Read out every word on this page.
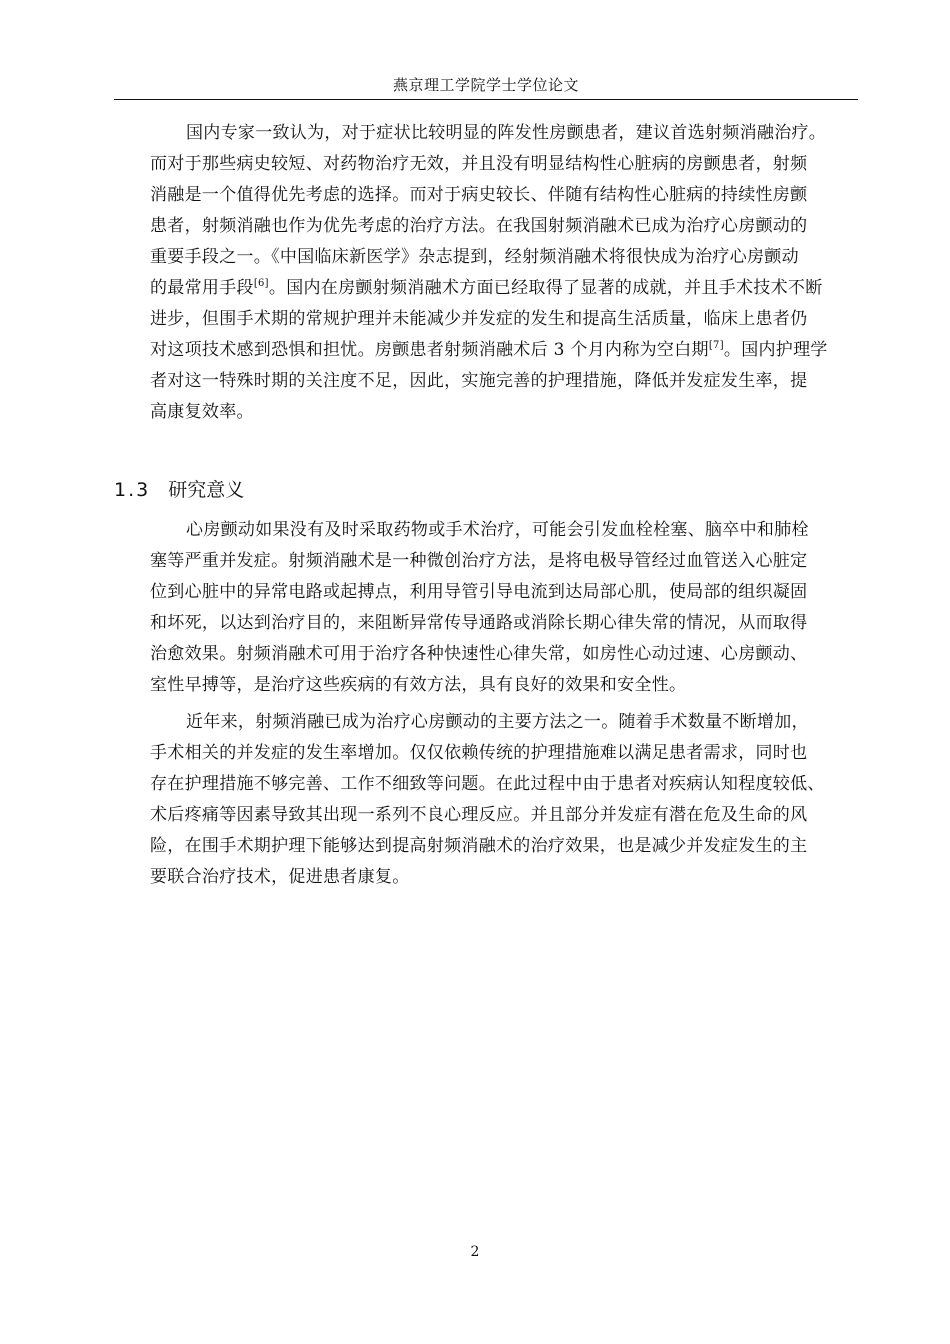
燕京理工学院学士学位论文
国内专家一致认为，对于症状比较明显的阵发性房颤患者，建议首选射频消融治疗。
而对于那些病史较短、对药物治疗无效，并且没有明显结构性心脏病的房颤患者，射频
消融是一个值得优先考虑的选择。而对于病史较长、伴随有结构性心脏病的持续性房颤
患者，射频消融也作为优先考虑的治疗方法。在我国射频消融术已成为治疗心房颤动的
重要手段之一。《中国临床新医学》杂志提到，经射频消融术将很快成为治疗心房颤动
的最常用手段[6]。国内在房颤射频消融术方面已经取得了显著的成就，并且手术技术不断
进步，但围手术期的常规护理并未能减少并发症的发生和提高生活质量，临床上患者仍
对这项技术感到恐惧和担忧。房颤患者射频消融术后 3 个月内称为空白期[7]。国内护理学
者对这一特殊时期的关注度不足，因此，实施完善的护理措施，降低并发症发生率，提
高康复效率。
1.3 研究意义
心房颤动如果没有及时采取药物或手术治疗，可能会引发血栓栓塞、脑卒中和肺栓
塞等严重并发症。射频消融术是一种微创治疗方法，是将电极导管经过血管送入心脏定
位到心脏中的异常电路或起搏点，利用导管引导电流到达局部心肌，使局部的组织凝固
和坏死，以达到治疗目的，来阻断异常传导通路或消除长期心律失常的情况，从而取得
治愈效果。射频消融术可用于治疗各种快速性心律失常，如房性心动过速、心房颤动、
室性早搏等，是治疗这些疾病的有效方法，具有良好的效果和安全性。
近年来，射频消融已成为治疗心房颤动的主要方法之一。随着手术数量不断增加，
手术相关的并发症的发生率增加。仅仅依赖传统的护理措施难以满足患者需求，同时也
存在护理措施不够完善、工作不细致等问题。在此过程中由于患者对疾病认知程度较低、
术后疼痛等因素导致其出现一系列不良心理反应。并且部分并发症有潜在危及生命的风
险，在围手术期护理下能够达到提高射频消融术的治疗效果，也是减少并发症发生的主
要联合治疗技术，促进患者康复。
2
